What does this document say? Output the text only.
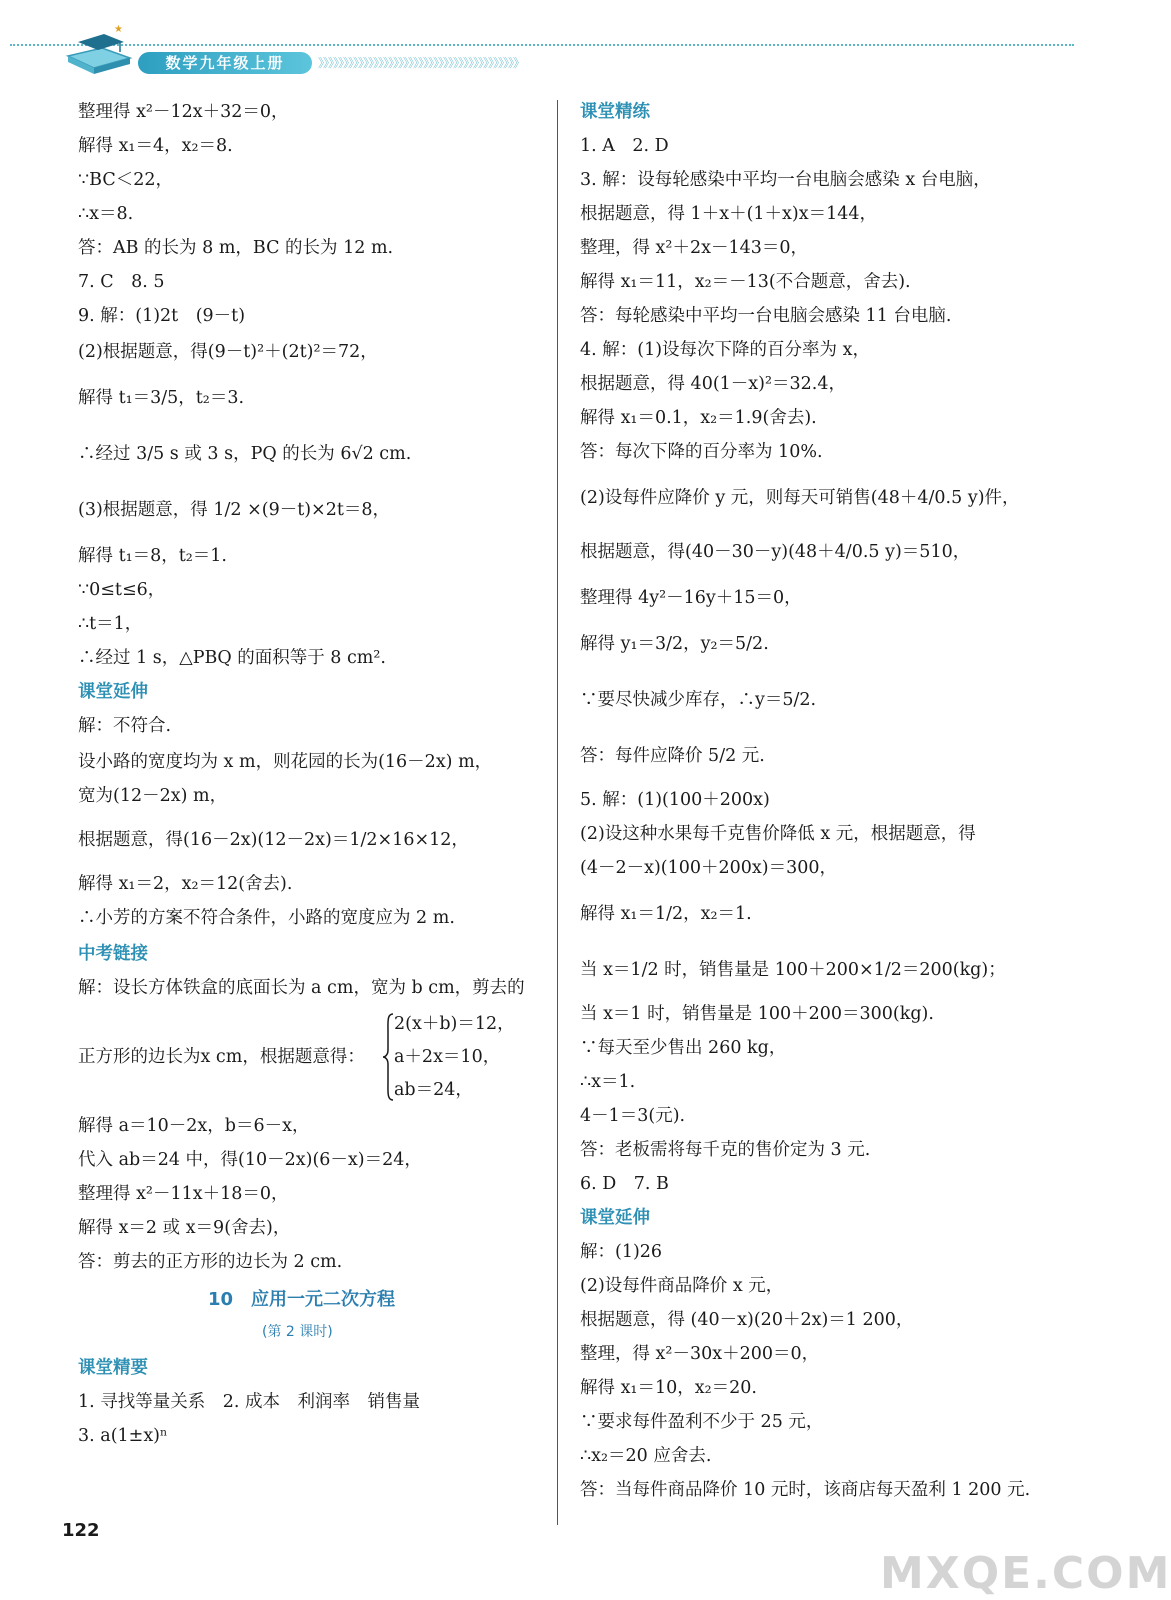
★
数学九年级上册	》》》》》》》》》》》》》》》》》》》》》》》》》》》》》》》》》》》》》》》》
整理得 x²－12x＋32＝0，
解得 x₁＝4，x₂＝8.
∵BC＜22，
∴x＝8.
答：AB 的长为 8 m，BC 的长为 12 m.
7. C　8. 5
9. 解：(1)2t　(9－t)
(2)根据题意，得(9－t)²＋(2t)²＝72，
解得 t₁＝3/5，t₂＝3.
∴经过 3/5 s 或 3 s，PQ 的长为 6√2 cm.
(3)根据题意，得 1/2 ×(9－t)×2t＝8，
解得 t₁＝8，t₂＝1.
∵0≤t≤6，
∴t＝1，
∴经过 1 s，△PBQ 的面积等于 8 cm².
课堂延伸
解：不符合.
设小路的宽度均为 x m，则花园的长为(16－2x) m，
宽为(12－2x) m，
根据题意，得(16－2x)(12－2x)＝1/2×16×12，
解得 x₁＝2，x₂＝12(舍去).
∴小芳的方案不符合条件，小路的宽度应为 2 m.
中考链接
解：设长方体铁盒的底面长为 a cm，宽为 b cm，剪去的
2(x＋b)＝12，
正方形的边长为x cm，根据题意得： a＋2x＝10，
ab＝24，
解得 a＝10－2x，b＝6－x，
代入 ab＝24 中，得(10－2x)(6－x)＝24，
整理得 x²－11x＋18＝0，
解得 x＝2 或 x＝9(舍去)，
答：剪去的正方形的边长为 2 cm.
10　应用一元二次方程
(第 2 课时)
课堂精要
1. 寻找等量关系　2. 成本　利润率　销售量
3. a(1±x)ⁿ
课堂精练
1. A　2. D
3. 解：设每轮感染中平均一台电脑会感染 x 台电脑，
根据题意，得 1＋x＋(1＋x)x＝144，
整理，得 x²＋2x－143＝0，
解得 x₁＝11，x₂＝－13(不合题意，舍去).
答：每轮感染中平均一台电脑会感染 11 台电脑.
4. 解：(1)设每次下降的百分率为 x，
根据题意，得 40(1－x)²＝32.4，
解得 x₁＝0.1，x₂＝1.9(舍去).
答：每次下降的百分率为 10%.
(2)设每件应降价 y 元，则每天可销售(48＋4/0.5 y)件，
根据题意，得(40－30－y)(48＋4/0.5 y)＝510，
整理得 4y²－16y＋15＝0，
解得 y₁＝3/2，y₂＝5/2.
∵要尽快减少库存，∴y＝5/2.
答：每件应降价 5/2 元.
5. 解：(1)(100＋200x)
(2)设这种水果每千克售价降低 x 元，根据题意，得
(4－2－x)(100＋200x)＝300，
解得 x₁＝1/2，x₂＝1.
当 x＝1/2 时，销售量是 100＋200×1/2＝200(kg)；
当 x＝1 时，销售量是 100＋200＝300(kg).
∵每天至少售出 260 kg，
∴x＝1.
4－1＝3(元).
答：老板需将每千克的售价定为 3 元.
6. D　7. B
课堂延伸
解：(1)26
(2)设每件商品降价 x 元，
根据题意，得 (40－x)(20＋2x)＝1 200，
整理，得 x²－30x＋200＝0，
解得 x₁＝10，x₂＝20.
∵要求每件盈利不少于 25 元，
∴x₂＝20 应舍去.
答：当每件商品降价 10 元时，该商店每天盈利 1 200 元.
122
MXQE.COM
